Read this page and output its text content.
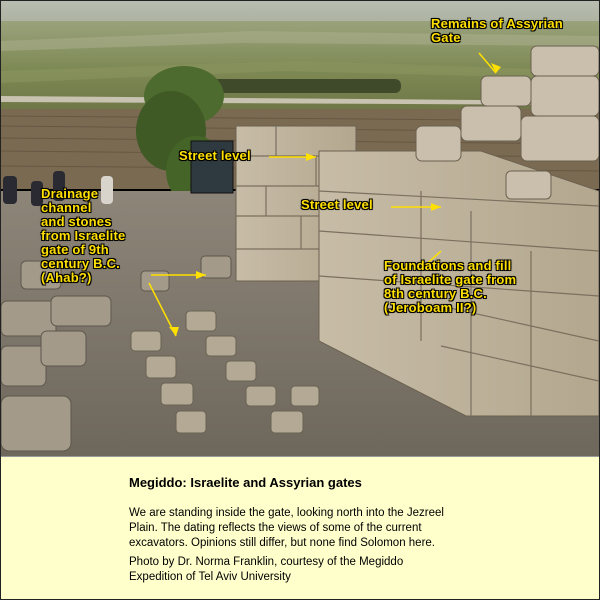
Remains of Assyrian
Gate
Street level
Street level
Drainage
channel
and stones
from Israelite
gate of 9th
century B.C.
(Ahab?)
Foundations and fill
of Israelite gate from
8th century B.C.
(Jeroboam II?)
Megiddo: Israelite and Assyrian gates
We are standing inside the gate, looking north into the Jezreel
Plain. The dating reflects the views of some of the current
excavators. Opinions still differ, but none find Solomon here.
Photo by Dr. Norma Franklin, courtesy of the Megiddo
Expedition of Tel Aviv University
